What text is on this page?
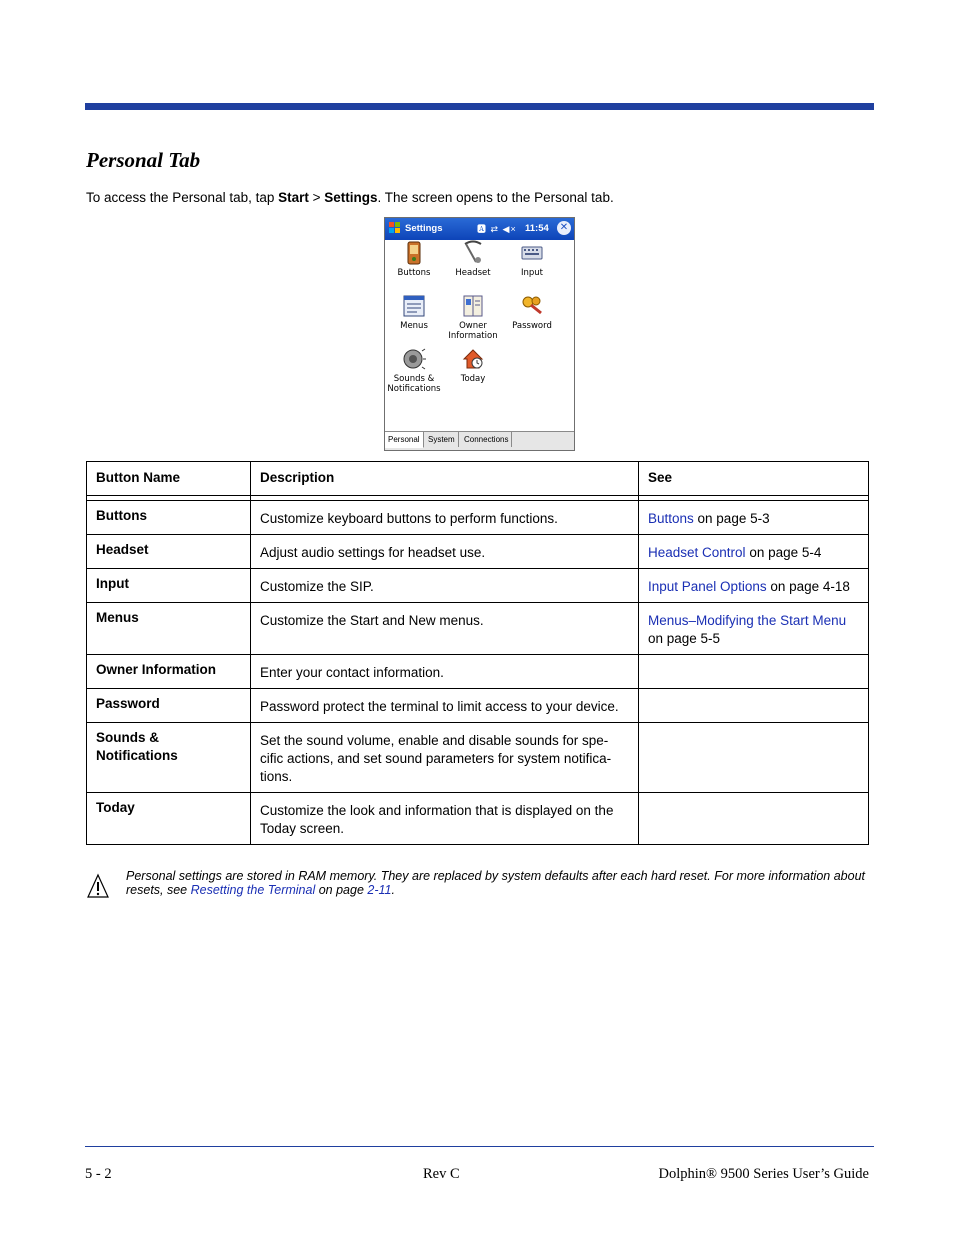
Personal Tab
To access the Personal tab, tap Start > Settings. The screen opens to the Personal tab.
Settings	🅰 ⇄ ◀× 11:54 ✕
Buttons	Headset	Input
Menus	Owner Information
Password
Sounds & Notifications
Today
Personal	System	Connections
Button Name	Description	See

Buttons	Customize keyboard buttons to perform functions.	Buttons on page 5-3
Headset	Adjust audio settings for headset use.	Headset Control on page 5-4
Input	Customize the SIP.	Input Panel Options on page 4-18
Menus	Customize the Start and New menus.	Menus–Modifying the Start Menu on page 5-5
Owner Information	Enter your contact information.	
Password	Password protect the terminal to limit access to your device.	
Sounds & Notifications	Set the sound volume, enable and disable sounds for spe-cific actions, and set sound parameters for system notifica-tions.	
Today	Customize the look and information that is displayed on the Today screen.	
Personal settings are stored in RAM memory. They are replaced by system defaults after each hard reset. For more information about resets, see Resetting the Terminal on page 2-11.
5 - 2	Rev C	Dolphin® 9500 Series User’s Guide
